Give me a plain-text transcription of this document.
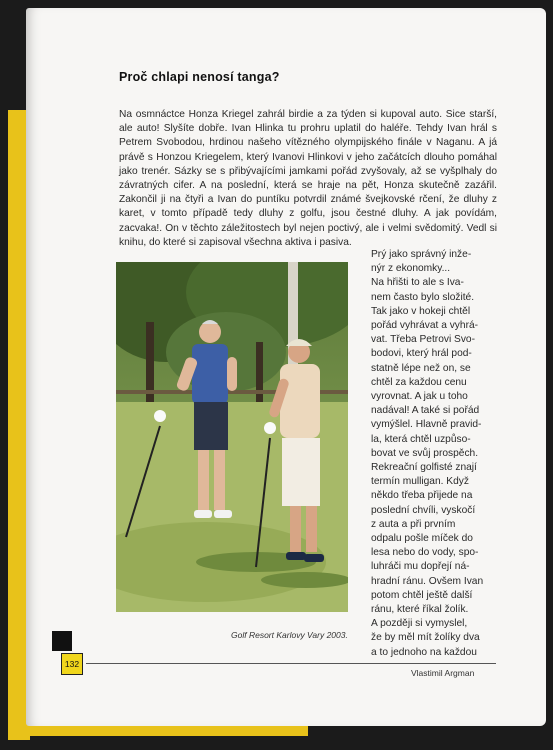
Proč chlapi nenosí tanga?

Na osmnáctce Honza Kriegel zahrál birdie a za týden si kupoval auto. Sice starší, ale auto! Slyšíte dobře. Ivan Hlinka tu prohru uplatil do haléře. Tehdy Ivan hrál s Petrem Svobodou, hrdinou našeho vítězného olympijského finále v Naganu. A já právě s Honzou Kriegelem, který Ivanovi Hlinkovi v jeho začátcích dlouho pomáhal jako trenér. Sázky se s přibývajícími jamkami pořád zvyšovaly, až se vyšplhaly do závratných cifer. A na poslední, která se hraje na pět, Honza skutečně zazářil. Zakončil ji na čtyři a Ivan do puntíku potvrdil známé švejkovské rčení, že dluhy z karet, v tomto případě tedy dluhy z golfu, jsou čestné dluhy. A jak povídám, zacvaka!. On v těchto záležitostech byl nejen poctivý, ale i velmi svědomitý. Vedl si knihu, do které si zapisoval všechna aktiva i pasiva.

Golf Resort Karlovy Vary 2003.

Prý jako správný inže-

nýr z ekonomky...

Na hřišti to ale s Iva-

nem často bylo složité.

Tak jako v hokeji chtěl

pořád vyhrávat a vyhrá-

vat. Třeba Petrovi Svo-

bodovi, který hrál pod-

statně lépe než on, se

chtěl za každou cenu

vyrovnat. A jak u toho

nadával! A také si pořád

vymýšlel. Hlavně pravid-

la, která chtěl uzpůso-

bovat ve svůj prospěch.

Rekreační golfisté znají

termín mulligan. Když

někdo třeba přijede na

poslední chvíli, vyskočí

z auta a při prvním

odpalu pošle míček do

lesa nebo do vody, spo-

luhráči mu dopřejí ná-

hradní ránu. Ovšem Ivan

potom chtěl ještě další

ránu, které říkal žolík.

A později si vymyslel,

že by měl mít žolíky dva

a to jednoho na každou

132
Vlastimil Argman
